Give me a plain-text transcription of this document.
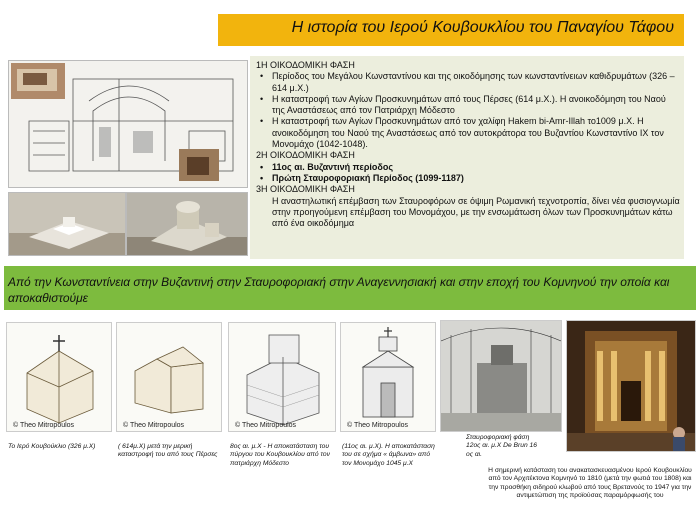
Η ιστορία του Ιερού Κουβουκλίου του Παναγίου Τάφου

1Η ΟΙΚΟΔΟΜΙΚΗ ΦΑΣΗ

• Περίοδος του Μεγάλου Κωνσταντίνου και της οικοδόμησης των κωνσταντίνειων καθιδρυμάτων (326 – 614 μ.Χ.)

• Η καταστροφή των Αγίων Προσκυνημάτων από τους Πέρσες (614 μ.Χ.). Η ανοικοδόμηση του Ναού της Αναστάσεως από τον Πατριάρχη Μόδεστο

• Η καταστροφή των Αγίων Προσκυνημάτων από τον χαλίφη Hakem bi-Amr-Illah το1009 μ.Χ. Η ανοικοδόμηση του Ναού της Αναστάσεως από τον αυτοκράτορα του Βυζαντίου Κωνσταντίνο ΙΧ τον Μονομάχο (1042-1048).

2Η ΟΙΚΟΔΟΜΙΚΗ ΦΑΣΗ

• 11ος αι. Βυζαντινή περίοδος

• Πρώτη Σταυροφοριακή Περίοδος (1099-1187)

3Η ΟΙΚΟΔΟΜΙΚΗ ΦΑΣΗ

Η αναστηλωτική επέμβαση των Σταυροφόρων σε όψιμη Ρωμανική τεχνοτροπία, δίνει νέα φυσιογνωμία στην προηγούμενη επέμβαση του Μονομάχου, με την ενσωμάτωση όλων των Προσκυνημάτων κάτω από ένα οικοδόμημα

Από την Κωνσταντίνεια στην Βυζαντινή στην Σταυροφοριακή στην Αναγεννησιακή και στην εποχή του Κομνηνού την οποία και αποκαθιστούμε
© Theo Mitropoulos	© Theo Mitropoulos	© Theo Mitropoulos	© Theo Mitropoulos
Το Ιερό Κουβούκλιο (326 μ.Χ)	( 614μ.Χ) μετά την μερική καταστροφή του από τους Πέρσες
8ος αι. μ.Χ - Η αποκατάσταση του πύργου του Κουβουκλίου από τον πατριάρχη Μόδεστο
(11ος αι. μ.Χ). Η αποκατάσταση του σε σχήμα « άμβωνα» από τον Μονομάχο 1045 μ.Χ
Σταυροφοριακή φάση 12ος αι. μ.Χ De Brun 16 ος αι.
Η σημερινή κατάσταση του ανακατασκευασμένου Ιερού Κουβουκλίου από τον Αρχιτέκτονα Κομνηνό το 1810 (μετά την φωτιά του 1808) και την προσθήκη σιδηρού κλωβού από τους Βρετανούς το 1947 για την αντιμετώπιση της προϊούσας παραμόρφωσής του
